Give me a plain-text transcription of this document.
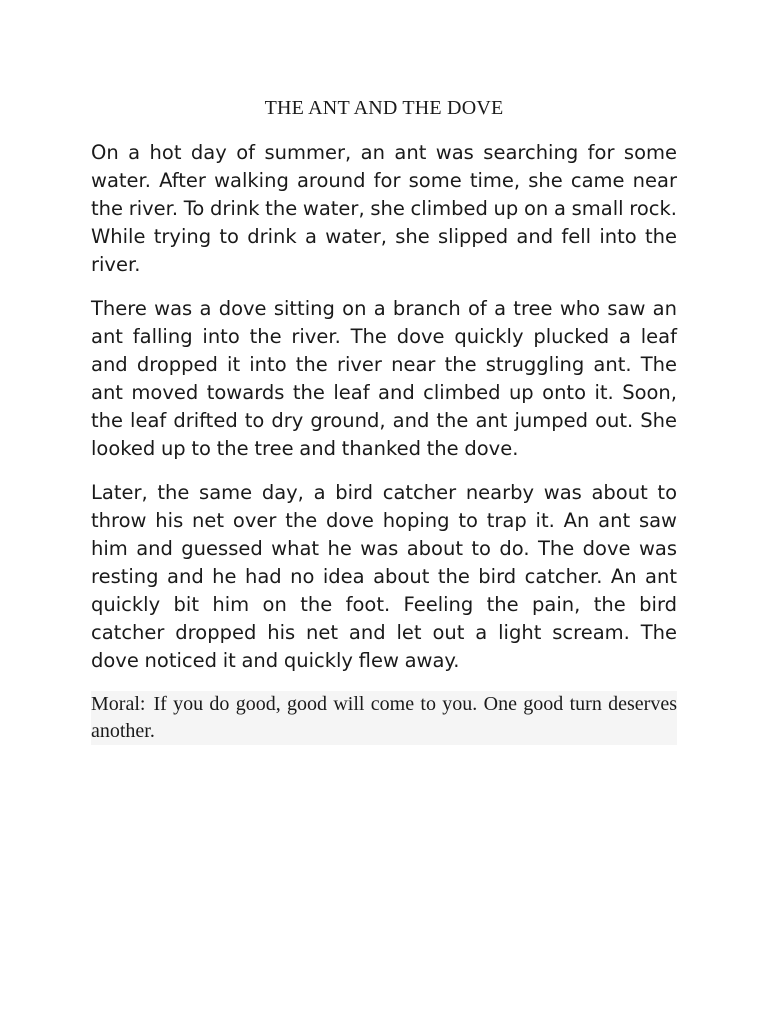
THE ANT AND THE DOVE

On a hot day of summer, an ant was searching for some water. After walking around for some time, she came near the river. To drink the water, she climbed up on a small rock. While trying to drink a water, she slipped and fell into the river.

There was a dove sitting on a branch of a tree who saw an ant falling into the river. The dove quickly plucked a leaf and dropped it into the river near the struggling ant. The ant moved towards the leaf and climbed up onto it. Soon, the leaf drifted to dry ground, and the ant jumped out. She looked up to the tree and thanked the dove.

Later, the same day, a bird catcher nearby was about to throw his net over the dove hoping to trap it. An ant saw him and guessed what he was about to do. The dove was resting and he had no idea about the bird catcher. An ant quickly bit him on the foot. Feeling the pain, the bird catcher dropped his net and let out a light scream. The dove noticed it and quickly flew away.

Moral: If you do good, good will come to you. One good turn deserves another.
